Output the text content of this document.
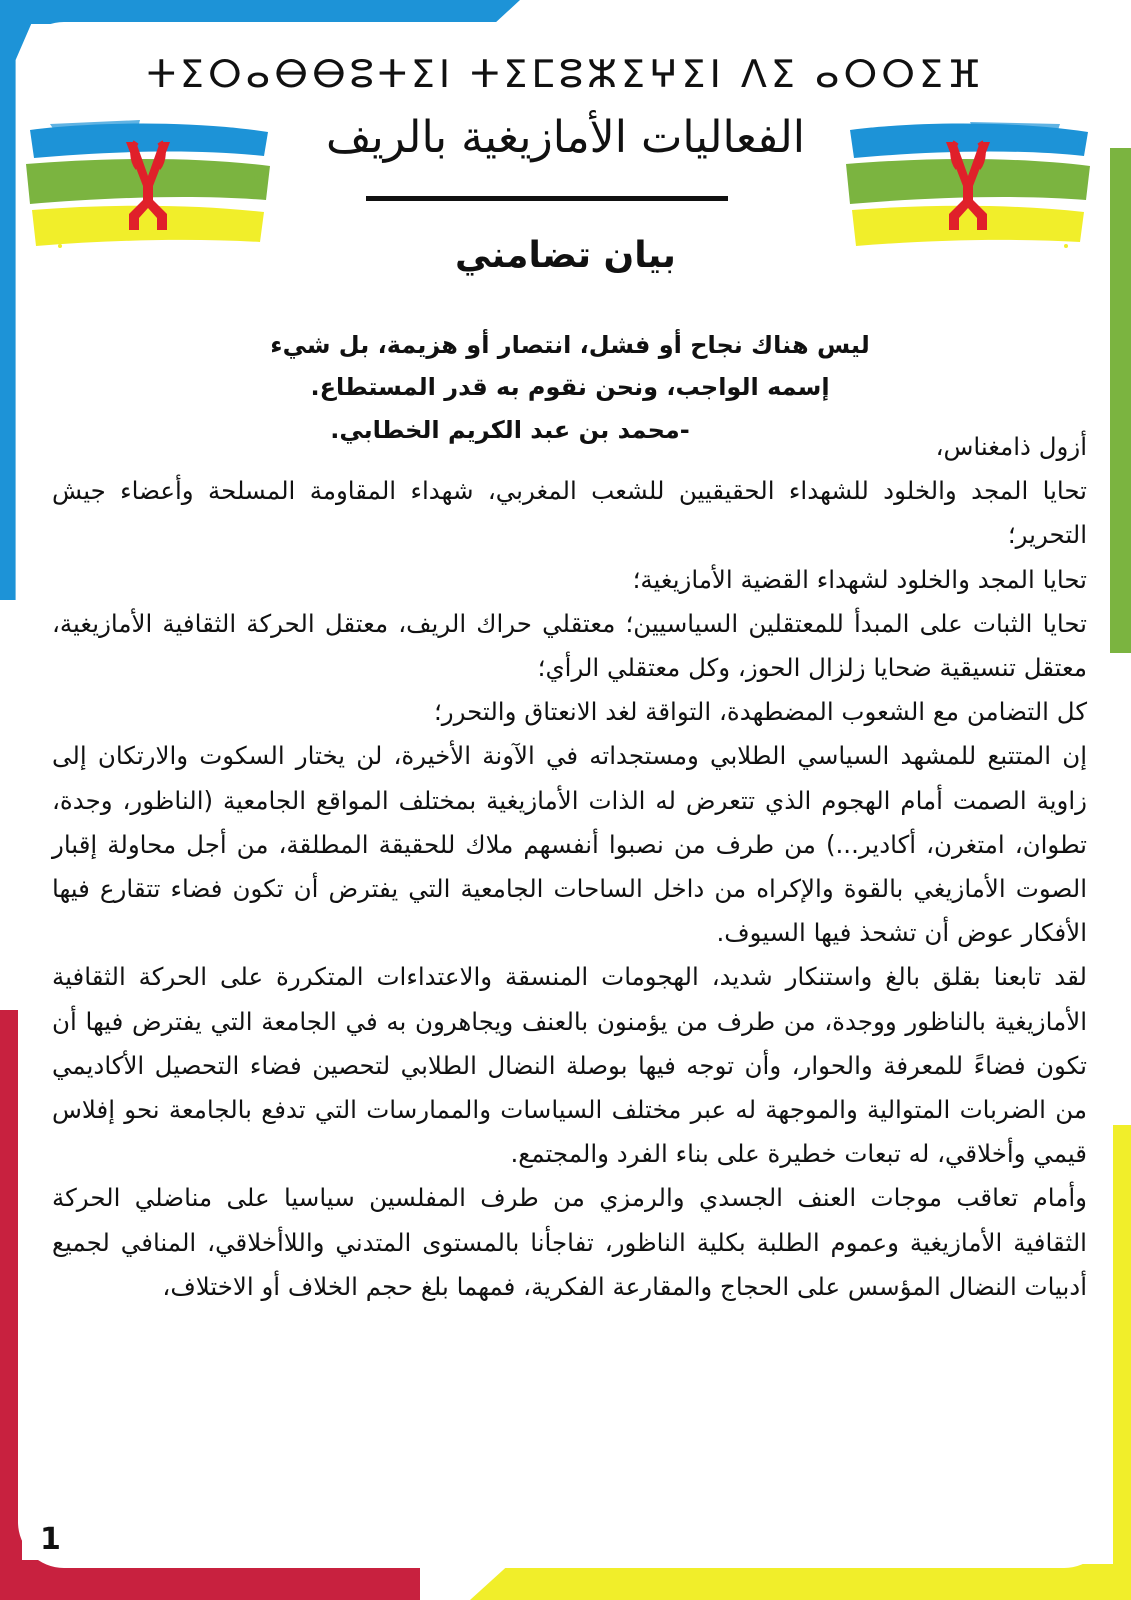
ⵜⵉⵔⴰⴱⴱⵓⵜⵉⵏ ⵜⵉⵎⵓⵣⵉⵖⵉⵏ ⴷⵉ ⴰⵔⵔⵉⴼ
الفعاليات الأمازيغية بالريف
بيان تضامني

ليس هناك نجاح أو فشل، انتصار أو هزيمة، بل شيء

إسمه الواجب، ونحن نقوم به قدر المستطاع.

-محمد بن عبد الكريم الخطابي.

أزول ذامغناس،

تحايا المجد والخلود للشهداء الحقيقيين للشعب المغربي، شهداء المقاومة المسلحة وأعضاء جيش التحرير؛

تحايا المجد والخلود لشهداء القضية الأمازيغية؛

تحايا الثبات على المبدأ للمعتقلين السياسيين؛ معتقلي حراك الريف، معتقل الحركة الثقافية الأمازيغية، معتقل تنسيقية ضحايا زلزال الحوز، وكل معتقلي الرأي؛

كل التضامن مع الشعوب المضطهدة، التواقة لغد الانعتاق والتحرر؛

إن المتتبع للمشهد السياسي الطلابي ومستجداته في الآونة الأخيرة، لن يختار السكوت والارتكان إلى زاوية الصمت أمام الهجوم الذي تتعرض له الذات الأمازيغية بمختلف المواقع الجامعية (الناظور، وجدة، تطوان، امتغرن، أكادير...) من طرف من نصبوا أنفسهم ملاك للحقيقة المطلقة، من أجل محاولة إقبار الصوت الأمازيغي بالقوة والإكراه من داخل الساحات الجامعية التي يفترض أن تكون فضاء تتقارع فيها الأفكار عوض أن تشحذ فيها السيوف.

لقد تابعنا بقلق بالغ واستنكار شديد، الهجومات المنسقة والاعتداءات المتكررة على الحركة الثقافية الأمازيغية بالناظور ووجدة، من طرف من يؤمنون بالعنف ويجاهرون به في الجامعة التي يفترض فيها أن تكون فضاءً للمعرفة والحوار، وأن توجه فيها بوصلة النضال الطلابي لتحصين فضاء التحصيل الأكاديمي من الضربات المتوالية والموجهة له عبر مختلف السياسات والممارسات التي تدفع بالجامعة نحو إفلاس قيمي وأخلاقي، له تبعات خطيرة على بناء الفرد والمجتمع.

وأمام تعاقب موجات العنف الجسدي والرمزي من طرف المفلسين سياسيا على مناضلي الحركة الثقافية الأمازيغية وعموم الطلبة بكلية الناظور، تفاجأنا بالمستوى المتدني واللاأخلاقي، المنافي لجميع أدبيات النضال المؤسس على الحجاج والمقارعة الفكرية، فمهما بلغ حجم الخلاف أو الاختلاف،

1
